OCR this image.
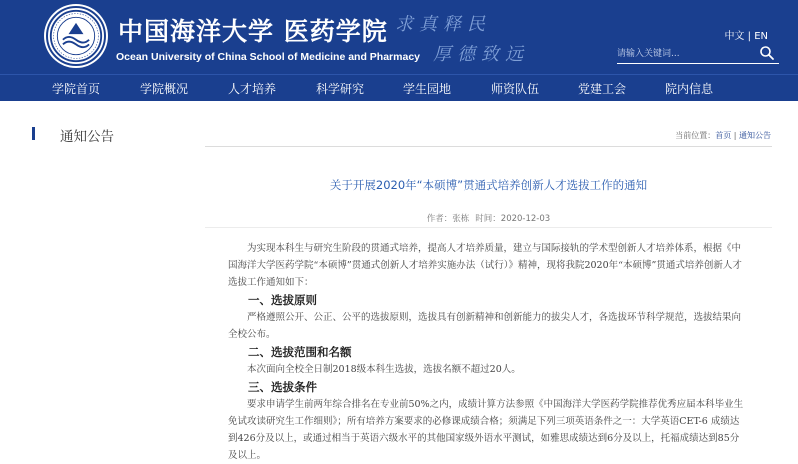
中国海洋大学 医药学院
Ocean University of China School of Medicine and Pharmacy
求真释民
厚德致远
中文 | EN
请输入关键词...
学院首页	学院概况	人才培养	科学研究	学生园地	师资队伍	党建工会	院内信息
通知公告	当前位置：首页 | 通知公告
关于开展2020年“本硕博”贯通式培养创新人才选拔工作的通知
作者：张栋 时间：2020-12-03

为实现本科生与研究生阶段的贯通式培养，提高人才培养质量，建立与国际接轨的学术型创新人才培养体系，根据《中国海洋大学医药学院“本硕博”贯通式创新人才培养实施办法（试行）》精神，现将我院2020年“本硕博”贯通式培养创新人才选拔工作通知如下：

一、选拔原则

严格遵照公开、公正、公平的选拔原则，选拔具有创新精神和创新能力的拔尖人才，各选拔环节科学规范，选拔结果向全校公布。

二、选拔范围和名额

本次面向全校全日制2018级本科生选拔，选拔名额不超过20人。

三、选拔条件

要求申请学生前两年综合排名在专业前50%之内，成绩计算方法参照《中国海洋大学医药学院推荐优秀应届本科毕业生免试攻读研究生工作细则》；所有培养方案要求的必修课成绩合格；须满足下列三项英语条件之一：大学英语CET-6 成绩达到426分及以上，或通过相当于英语六级水平的其他国家级外语水平测试，如雅思成绩达到6分及以上，托福成绩达到85分及以上。
